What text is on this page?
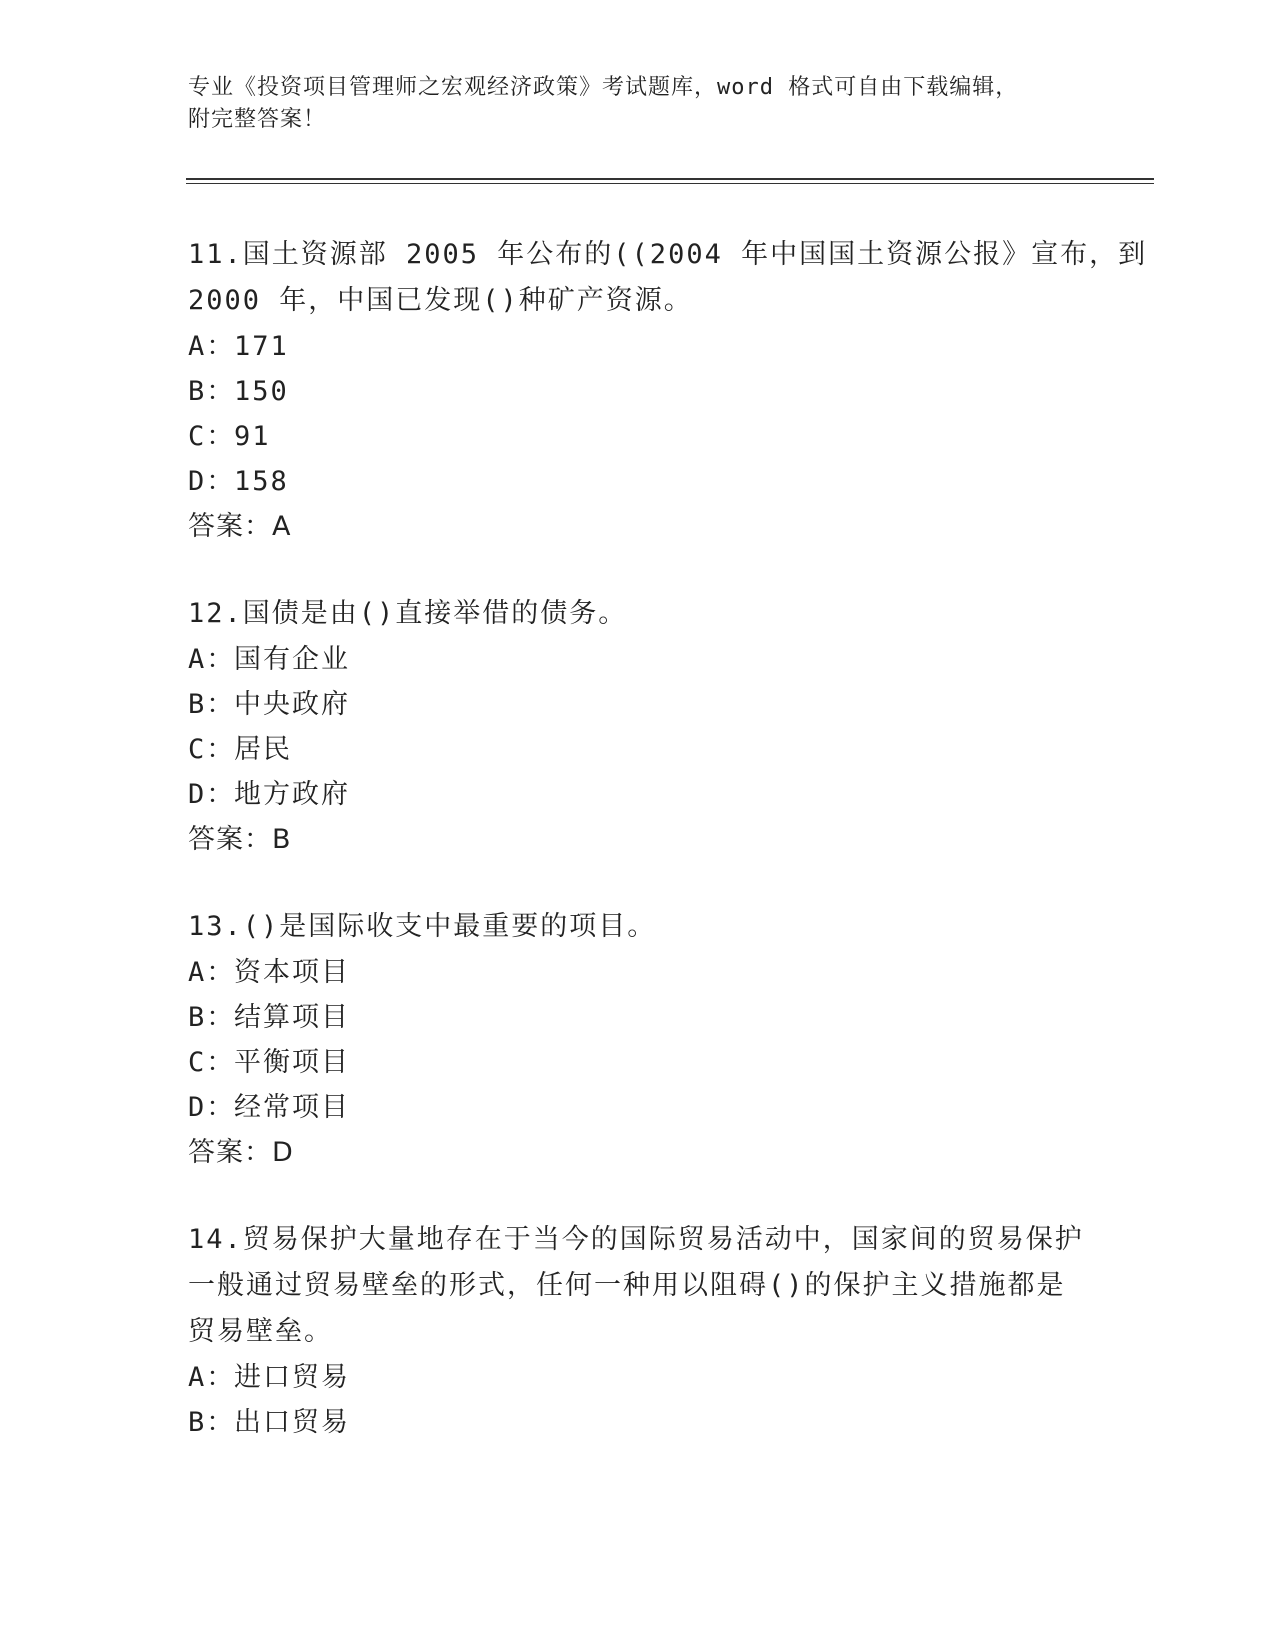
专业《投资项目管理师之宏观经济政策》考试题库，word 格式可自由下载编辑，
附完整答案！
11.国土资源部 2005 年公布的((2004 年中国国土资源公报》宣布，到
2000 年，中国已发现()种矿产资源。
A：171
B：150
C：91
D：158
答案：A
12.国债是由()直接举借的债务。
A：国有企业
B：中央政府
C：居民
D：地方政府
答案：B
13.()是国际收支中最重要的项目。
A：资本项目
B：结算项目
C：平衡项目
D：经常项目
答案：D
14.贸易保护大量地存在于当今的国际贸易活动中，国家间的贸易保护
一般通过贸易壁垒的形式，任何一种用以阻碍()的保护主义措施都是
贸易壁垒。
A：进口贸易
B：出口贸易
